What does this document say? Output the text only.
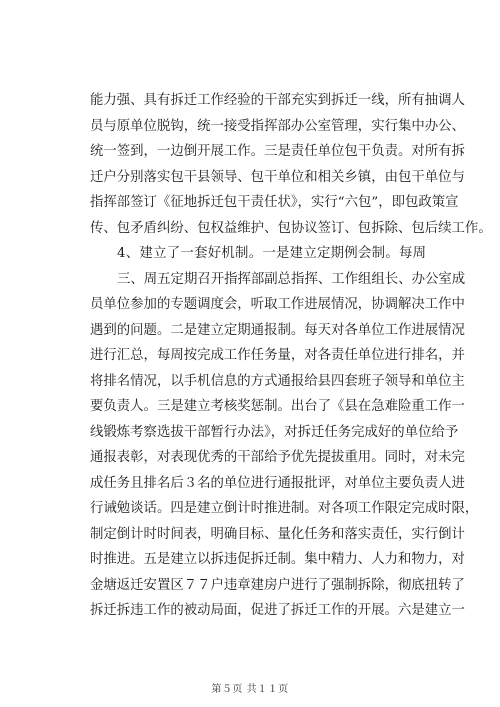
能力强、具有拆迁工作经验的干部充实到拆迁一线，所有抽调人
员与原单位脱钩，统一接受指挥部办公室管理，实行集中办公、
统一签到，一边倒开展工作。三是责任单位包干负责。对所有拆
迁户分别落实包干县领导、包干单位和相关乡镇，由包干单位与
指挥部签订《征地拆迁包干责任状》，实行“六包”，即包政策宣
传、包矛盾纠纷、包权益维护、包协议签订、包拆除、包后续工作。
4、建立了一套好机制。一是建立定期例会制。每周
三、周五定期召开指挥部副总指挥、工作组组长、办公室成
员单位参加的专题调度会，听取工作进展情况，协调解决工作中
遇到的问题。二是建立定期通报制。每天对各单位工作进展情况
进行汇总，每周按完成工作任务量，对各责任单位进行排名，并
将排名情况，以手机信息的方式通报给县四套班子领导和单位主
要负责人。三是建立考核奖惩制。出台了《县在急难险重工作一
线锻炼考察选拔干部暂行办法》，对拆迁任务完成好的单位给予
通报表彰，对表现优秀的干部给予优先提拔重用。同时，对未完
成任务且排名后３名的单位进行通报批评，对单位主要负责人进
行诫勉谈话。四是建立倒计时推进制。对各项工作限定完成时限，
制定倒计时时间表，明确目标、量化任务和落实责任，实行倒计
时推进。五是建立以拆违促拆迁制。集中精力、人力和物力，对
金塘返迁安置区７７户违章建房户进行了强制拆除，彻底扭转了
拆迁拆违工作的被动局面，促进了拆迁工作的开展。六是建立一
第５页 共１１页
